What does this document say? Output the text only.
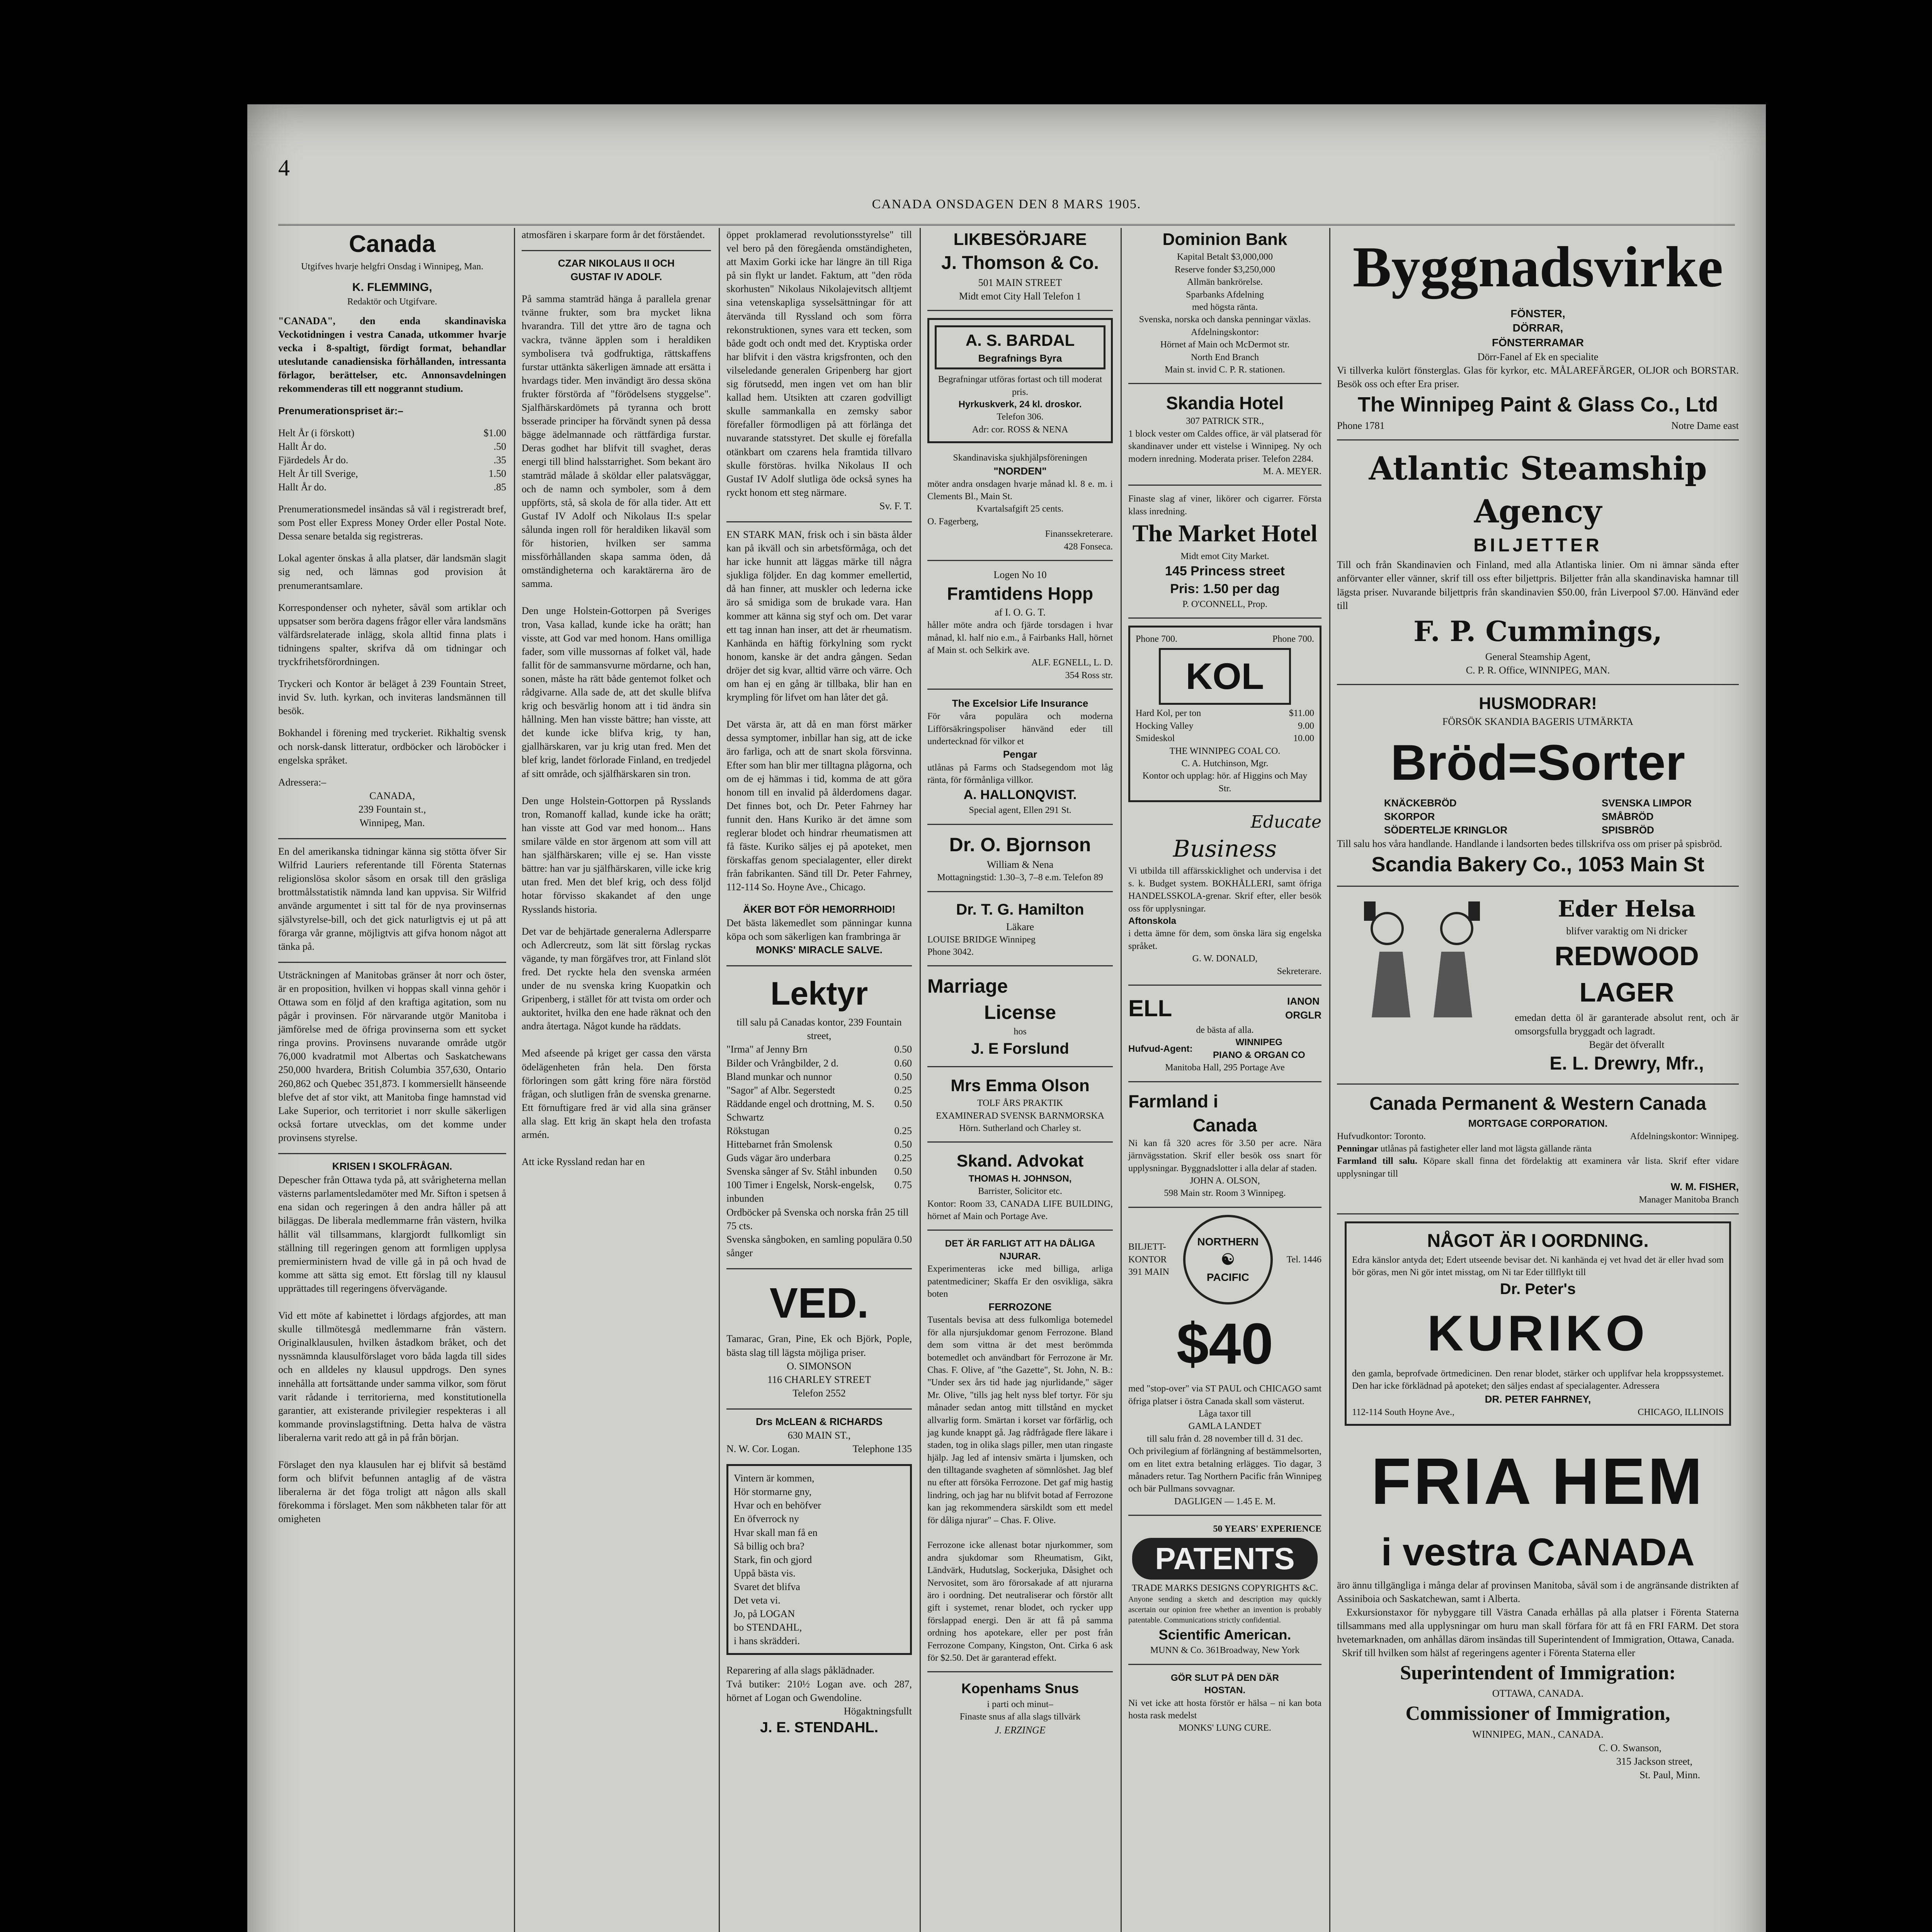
4
CANADA ONSDAGEN DEN 8 MARS 1905.
Canada
Utgifves hvarje helgfri Onsdag i Winnipeg, Man.
K. FLEMMING,
Redaktör och Utgifvare.
"CANADA", den enda skandinaviska Veckotidningen i vestra Canada, utkommer hvarje vecka i 8-spaltigt, fördigt format, behandlar uteslutande canadiensiska förhållanden, intressanta förlagor, berättelser, etc. Annonsavdelningen rekommenderas till ett noggrannt studium.
Prenumerationspriset är:–
Helt År (i förskott)	$1.00
Hallt År do.	.50
Fjärdedels År do.	.35
Helt År till Sverige,	1.50
Hallt År do.	.85
Prenumerationsmedel insändas så väl i registreradt bref, som Post eller Express Money Order eller Postal Note. Dessa senare betalda sig registreras.
Lokal agenter önskas å alla platser, där landsmän slagit sig ned, och lämnas god provision åt prenumerantsamlare.
Korrespondenser och nyheter, såväl som artiklar och uppsatser som beröra dagens frågor eller våra landsmäns välfärdsrelaterade inlägg, skola alltid finna plats i tidningens spalter, skrifva då om tidningar och tryckfrihetsförordningen.
Tryckeri och Kontor är beläget å 239 Fountain Street, invid Sv. luth. kyrkan, och inviteras landsmännen till besök.
Bokhandel i förening med tryckeriet. Rikhaltig svensk och norsk-dansk litteratur, ordböcker och läroböcker i engelska språket.
Adressera:–
CANADA,
239 Fountain st.,
Winnipeg, Man.
En del amerikanska tidningar känna sig stötta öfver Sir Wilfrid Lauriers referentande till Förenta Staternas religionslösa skolor såsom en orsak till den gräsliga brottmålsstatistik nämnda land kan uppvisa. Sir Wilfrid använde argumentet i sitt tal för de nya provinsernas självstyrelse-bill, och det gick naturligtvis ej ut på att förarga vår granne, möjligtvis att gifva honom något att tänka på.
Utsträckningen af Manitobas gränser åt norr och öster, är en proposition, hvilken vi hoppas skall vinna gehör i Ottawa som en följd af den kraftiga agitation, som nu pågår i provinsen. För närvarande utgör Manitoba i jämförelse med de öfriga provinserna som ett sycket ringa provins. Provinsens nuvarande område utgör 76,000 kvadratmil mot Albertas och Saskatchewans 250,000 hvardera, British Columbia 357,630, Ontario 260,862 och Quebec 351,873. I kommersiellt hänseende blefve det af stor vikt, att Manitoba finge hamnstad vid Lake Superior, och territoriet i norr skulle säkerligen också fortare utvecklas, om det komme under provinsens styrelse.
KRISEN I SKOLFRÅGAN.
Depescher från Ottawa tyda på, att svårigheterna mellan västerns parlamentsledamöter med Mr. Sifton i spetsen å ena sidan och regeringen å den andra håller på att biläggas. De liberala medlemmarne från västern, hvilka hållit väl tillsammans, klargjordt fullkomligt sin ställning till regeringen genom att formligen upplysa premierministern hvad de ville gå in på och hvad de komme att sätta sig emot. Ett förslag till ny klausul upprättades till regeringens öfvervägande.

Vid ett möte af kabinettet i lördags afgjordes, att man skulle tillmötesgå medlemmarne från västern. Originalklausulen, hvilken åstadkom bråket, och det nyssnämnda klausulförslaget voro båda lagda till sides och en alldeles ny klausul uppdrogs. Den synes innehålla att fortsättande under samma vilkor, som förut varit rådande i territorierna, med konstitutionella garantier, att existerande privilegier respekteras i all kommande provinslagstiftning. Detta halva de västra liberalerna varit redo att gå in på från början.

Förslaget den nya klausulen har ej blifvit så bestämd form och blifvit befunnen antaglig af de västra liberalerna är det föga troligt att någon alls skall förekomma i förslaget. Men som nåkbheten talar för att omigheten
atmosfären i skarpare form år det förståendet.
CZAR NIKOLAUS II OCH
GUSTAF IV ADOLF.
På samma stamträd hänga å parallela grenar tvänne frukter, som bra mycket likna hvarandra. Till det yttre äro de tagna och vackra, tvänne äpplen som i heraldiken symbolisera två godfruktiga, rättskaffens furstar uttänkta säkerligen ämnade att ersätta i hvardags tider. Men invändigt äro dessa sköna frukter förstörda af "förödelsens styggelse". Sjalfhärskardömets på tyranna och brott bsserade principer ha förvändt synen på dessa bägge ädelmannade och rättfärdiga furstar. Deras godhet har blifvit till svaghet, deras energi till blind halsstarrighet. Som bekant äro stamträd målade å sköldar eller palatsväggar, och de namn och symboler, som å dem uppförts, stå, så skola de för alla tider. Att ett Gustaf IV Adolf och Nikolaus II:s spelar sålunda ingen roll för heraldiken likaväl som för historien, hvilken ser samma missförhållanden skapa samma öden, då omständigheterna och karaktärerna äro de samma.

Den unge Holstein-Gottorpen på Sveriges tron, Vasa kallad, kunde icke ha orätt; han visste, att God var med honom. Hans omilliga fader, som ville mussornas af folket väl, hade fallit för de sammansvurne mördarne, och han, sonen, måste ha rätt både gentemot folket och rådgivarne. Alla sade de, att det skulle blifva krig och besvärlig honom att i tid ändra sin hållning. Men han visste bättre; han visste, att det kunde icke blifva krig, ty han, gjallhärskaren, var ju krig utan fred. Men det blef krig, landet förlorade Finland, en tredjedel af sitt område, och själfhärskaren sin tron.

Den unge Holstein-Gottorpen på Rysslands tron, Romanoff kallad, kunde icke ha orätt; han visste att God var med honom... Hans smilare välde en stor ärgenom att som vill att han själfhärskaren; ville ej se. Han visste bättre: han var ju själfhärskaren, ville icke krig utan fred. Men det blef krig, och dess följd hotar förvisso skakandet af den unge Rysslands historia.
Det var de behjärtade generalerna Adlersparre och Adlercreutz, som lät sitt förslag ryckas vägande, ty man förgäfves tror, att Finland slöt fred. Det ryckte hela den svenska arméen under de nu svenska kring Kuopatkin och Gripenberg, i stället för att tvista om order och auktoritet, hvilka den ene hade räknat och den andra återtaga. Något kunde ha räddats.

Med afseende på kriget ger cassa den värsta ödelägenheten från hela. Den första förloringen som gått kring före nära förstöd frågan, och slutligen från de svenska grenarne. Ett förnuftigare fred är vid alla sina gränser alla slag. Ett krig än skapt hela den trofasta armén.

Att icke Ryssland redan har en
öppet proklamerad revolutionsstyrelse" till vel bero på den föregåenda omständigheten, att Maxim Gorki icke har längre än till Riga på sin flykt ur landet. Faktum, att "den röda skorhusten" Nikolaus Nikolajevitsch alltjemt sina vetenskapliga sysselsättningar för att återvända till Ryssland och som förra rekonstruktionen, synes vara ett tecken, som både godt och ondt med det. Kryptiska order har blifvit i den västra krigsfronten, och den vilseledande generalen Gripenberg har gjort sig förutsedd, men ingen vet om han blir kallad hem. Utsikten att czaren godvilligt skulle sammankalla en zemsky sabor förefaller förmodligen på att förlänga det nuvarande statsstyret. Det skulle ej förefalla otänkbart om czarens hela framtida tillvaro skulle förstöras. hvilka Nikolaus II och Gustaf IV Adolf slutliga öde också synes ha ryckt honom ett steg närmare.
Sv. F. T.
EN STARK MAN, frisk och i sin bästa ålder kan på ikväll och sin arbetsförmåga, och det har icke hunnit att läggas märke till några sjukliga följder. En dag kommer emellertid, då han finner, att muskler och lederna icke äro så smidiga som de brukade vara. Han kommer att känna sig styf och om. Det varar ett tag innan han inser, att det är rheumatism. Kanhända en häftig förkylning som ryckt honom, kanske är det andra gången. Sedan dröjer det sig kvar, alltid värre och värre. Och om han ej en gång är tillbaka, blir han en krympling för lifvet om han låter det gå.

Det värsta är, att då en man först märker dessa symptomer, inbillar han sig, att de icke äro farliga, och att de snart skola försvinna. Efter som han blir mer tilltagna plågorna, och om de ej hämmas i tid, komma de att göra honom till en invalid på ålderdomens dagar. Det finnes bot, och Dr. Peter Fahrney har funnit den. Hans Kuriko är det ämne som reglerar blodet och hindrar rheumatismen att få fäste. Kuriko säljes ej på apoteket, men förskaffas genom specialagenter, eller direkt från fabrikanten. Sänd till Dr. Peter Fahrney, 112-114 So. Hoyne Ave., Chicago.
ÄKER BOT FÖR HEMORRHOID!
Det bästa läkemedlet som pänningar kunna köpa och som säkerligen kan frambringa är
MONKS' MIRACLE SALVE.
Lektyr
till salu på Canadas kontor, 239 Fountain street,
"Irma" af Jenny Brn	0.50
Bilder och Vrångbilder, 2 d.	0.60
Bland munkar och nunnor	0.50
"Sagor" af Albr. Segerstedt	0.25
Räddande engel och drottning, M. S. Schwartz
0.50
Rökstugan	0.25
Hittebarnet från Smolensk	0.50
Guds vägar äro underbara	0.25
Svenska sånger af Sv. Ståhl inbunden 0.50
100 Timer i Engelsk, Norsk-engelsk, inbunden
0.75
Ordböcker på Svenska och norska från 25 till 75 cts.
Svenska sångboken, en samling populära sånger
0.50
VED.
Tamarac, Gran, Pine, Ek och Björk, Pople, bästa slag till lägsta möjliga priser.
O. SIMONSON
116 CHARLEY STREET
Telefon 2552
Drs McLEAN & RICHARDS
630 MAIN ST.,
N. W. Cor. Logan.	Telephone 135
Vintern är kommen,
Hör stormarne gny,
Hvar och en behöfver
En öfverrock ny
Hvar skall man få en
Så billig och bra?
Stark, fin och gjord
Uppå bästa vis.
Svaret det blifva
Det veta vi.
Jo, på LOGAN
bo STENDAHL,
i hans skrädderi.
Reparering af alla slags påklädnader.
Två butiker: 210½ Logan ave. och 287, hörnet af Logan och Gwendoline.
Högaktningsfullt
J. E. STENDAHL.
LIKBESÖRJARE
J. Thomson & Co.
501 MAIN STREET
Midt emot City Hall Telefon 1
A. S. BARDAL
Begrafnings Byra
Begrafningar utföras fortast och till moderat pris.
Hyrkuskverk, 24 kl. droskor.
Telefon 306.
Adr: cor. ROSS & NENA
Skandinaviska sjukhjälpsföreningen
"NORDEN"
möter andra onsdagen hvarje månad kl. 8 e. m. i Clements Bl., Main St.
Kvartalsafgift 25 cents.
O. Fagerberg,
Finanssekreterare.
428 Fonseca.
Logen No 10
Framtidens Hopp
af I. O. G. T.
håller möte andra och fjärde torsdagen i hvar månad, kl. half nio e.m., å Fairbanks Hall, hörnet af Main st. och Selkirk ave.
ALF. EGNELL, L. D.
354 Ross str.
The Excelsior Life Insurance
För våra populära och moderna Lifförsäkringspoliser hänvänd eder till undertecknad för vilkor et
Pengar
utlånas på Farms och Stadsegendom mot låg ränta, för förmånliga villkor.
A. HALLONQVIST.
Special agent, Ellen 291 St.
Dr. O. Bjornson
William & Nena
Mottagningstid: 1.30–3, 7–8 e.m. Telefon 89
Dr. T. G. Hamilton
Läkare
LOUISE BRIDGE Winnipeg
Phone 3042.
Marriage
License
hos
J. E Forslund
Mrs Emma Olson
TOLF ÅRS PRAKTIK
EXAMINERAD SVENSK BARNMORSKA
Hörn. Sutherland och Charley st.
Skand. Advokat
THOMAS H. JOHNSON,
Barrister, Solicitor etc.
Kontor: Room 33, CANADA LIFE BUILDING, hörnet af Main och Portage Ave.
DET ÄR FARLIGT ATT HA DÅLIGA NJURAR.
Experimenteras icke med billiga, arliga patentmediciner; Skaffa Er den osvikliga, säkra boten
FERROZONE
Tusentals bevisa att dess fulkomliga botemedel för alla njursjukdomar genom Ferrozone. Bland dem som vittna är det mest berömmda botemedlet och användbart för Ferrozone är Mr. Chas. F. Olive, af "the Gazette", St. John, N. B.: "Under sex års tid hade jag njurlidande," säger Mr. Olive, "tills jag helt nyss blef tortyr. För sju månader sedan antog mitt tillstånd en mycket allvarlig form. Smärtan i korset var förfärlig, och jag kunde knappt gå. Jag rådfrågade flere läkare i staden, tog in olika slags piller, men utan ringaste hjälp. Jag led af intensiv smärta i ljumsken, och den tilltagande svagheten af sömnlöshet. Jag blef nu efter att försöka Ferrozone. Det gaf mig hastig lindring, och jag har nu blifvit botad af Ferrozone kan jag rekommendera särskildt som ett medel för dåliga njurar" – Chas. F. Olive.

Ferrozone icke allenast botar njurkommer, som andra sjukdomar som Rheumatism, Gikt, Ländvärk, Hudutslag, Sockerjuka, Dåsighet och Nervositet, som äro förorsakade af att njurarna äro i oordning. Det neutraliserar och förstör allt gift i systemet, renar blodet, och rycker upp förslappad energi. Den är att få på samma ordning hos apotekare, eller per post från Ferrozone Company, Kingston, Ont. Cirka 6 ask för $2.50. Det är garanterad effekt.
Kopenhams Snus
i parti och minut–
Finaste snus af alla slags tillvärk
J. ERZINGE
Dominion Bank
Kapital Betalt $3,000,000
Reserve fonder $3,250,000
Allmän bankrörelse.
Sparbanks Afdelning
med högsta ränta.
Svenska, norska och danska penningar växlas.
Afdelningskontor:
Hörnet af Main och McDermot str.
North End Branch
Main st. invid C. P. R. stationen.
Skandia Hotel
307 PATRICK STR.,
1 block vester om Caldes office, är väl platserad för skandinaver under ett vistelse i Winnipeg. Ny och modern inredning. Moderata priser. Telefon 2284.
M. A. MEYER.
Finaste slag af viner, likörer och cigarrer. Första klass inredning.
The Market Hotel
Midt emot City Market.
145 Princess street
Pris: 1.50 per dag
P. O'CONNELL, Prop.
Phone 700.	Phone 700.
KOL
Hard Kol, per ton	$11.00
Hocking Valley	9.00
Smideskol	10.00
THE WINNIPEG COAL CO.
C. A. Hutchinson, Mgr.
Kontor och upplag: hör. af Higgins och May Str.
Educate
Business
Vi utbilda till affärsskicklighet och undervisa i det s. k. Budget system. BOKHÅLLERI, samt öfriga HANDELSSKOLA-grenar. Skrif efter, eller besök oss för upplysningar.
Aftonskola
i detta ämne för dem, som önska lära sig engelska språket.
G. W. DONALD,
Sekreterare.
ELL	IANON
ORGLR
de bästa af alla.
Hufvud-Agent:
WINNIPEG
PIANO & ORGAN CO
Manitoba Hall, 295 Portage Ave
Farmland i
Canada
Ni kan få 320 acres för 3.50 per acre. Nära järnvägsstation. Skrif eller besök oss snart för upplysningar. Byggnadslotter i alla delar af staden.
JOHN A. OLSON,
598 Main str. Room 3 Winnipeg.
BILJETT-
KONTOR
391 MAIN
NORTHERN
☯
PACIFIC
Tel. 1446
$40
med "stop-over" via ST PAUL och CHICAGO samt öfriga platser i östra Canada skall som västerut.
Låga taxor till
GAMLA LANDET
till salu från d. 28 november till d. 31 dec.
Och privilegium af förlängning af bestämmelsorten, om en litet extra betalning erlägges. Tio dagar, 3 månaders retur. Tag Northern Pacific från Winnipeg och bär Pullmans sovvagnar.
DAGLIGEN — 1.45 E. M.
50 YEARS' EXPERIENCE
PATENTS
TRADE MARKS DESIGNS COPYRIGHTS &C.
Anyone sending a sketch and description may quickly ascertain our opinion free whether an invention is probably patentable. Communications strictly confidential.
Scientific American.
MUNN & Co. 361Broadway, New York
GÖR SLUT PÅ DEN DÄR
HOSTAN.
Ni vet icke att hosta förstör er hälsa – ni kan bota hosta rask medelst
MONKS' LUNG CURE.
Byggnadsvirke
FÖNSTER,
DÖRRAR,
FÖNSTERRAMAR
Dörr-Fanel af Ek en specialite
Vi tillverka kulört fönsterglas. Glas för kyrkor, etc. MÅLAREFÄRGER, OLJOR och BORSTAR. Besök oss och efter Era priser.
The Winnipeg Paint & Glass Co., Ltd
Phone 1781	Notre Dame east
Atlantic Steamship
Agency
BILJETTER
Till och från Skandinavien och Finland, med alla Atlantiska linier. Om ni ämnar sända efter anförvanter eller vänner, skrif till oss efter biljettpris. Biljetter från alla skandinaviska hamnar till lägsta priser. Nuvarande biljettpris från skandinavien $50.00, från Liverpool $7.00. Hänvänd eder till
F. P. Cummings,
General Steamship Agent,
C. P. R. Office, WINNIPEG, MAN.
HUSMODRAR!
FÖRSÖK SKANDIA BAGERIS UTMÄRKTA
Bröd=Sorter
KNÄCKEBRÖD
SKORPOR
SÖDERTELJE KRINGLOR
SVENSKA LIMPOR
SMÅBRÖD
SPISBRÖD
Till salu hos våra handlande. Handlande i landsorten bedes tillskrifva oss om priser på spisbröd.
Scandia Bakery Co., 1053 Main St
Eder Helsa
blifver varaktig om Ni dricker
REDWOOD
LAGER
emedan detta öl är garanterade absolut rent, och är omsorgsfulla bryggadt och lagradt.
Begär det öfverallt
E. L. Drewry, Mfr.,
Canada Permanent & Western Canada
MORTGAGE CORPORATION.
Hufvudkontor: Toronto.	Afdelningskontor: Winnipeg.
Penningar utlånas på fastigheter eller land mot lägsta gällande ränta
Farmland till salu. Köpare skall finna det fördelaktig att examinera vår lista. Skrif efter vidare upplysningar till
W. M. FISHER,
Manager Manitoba Branch
NÅGOT ÄR I OORDNING.
Edra känslor antyda det; Edert utseende bevisar det. Ni kanhända ej vet hvad det är eller hvad som bör göras, men Ni gör intet misstag, om Ni tar Eder tillflykt till
Dr. Peter's
KURIKO
den gamla, beprofvade örtmedicinen. Den renar blodet, stärker och upplifvar hela kroppssystemet. Den har icke förklädnad på apoteket; den säljes endast af specialagenter. Adressera
DR. PETER FAHRNEY,
112-114 South Hoyne Ave.,	CHICAGO, ILLINOIS
FRIA HEM
i vestra CANADA
äro ännu tillgängliga i många delar af provinsen Manitoba, såväl som i de angränsande distrikten af Assiniboia och Saskatchewan, samt i Alberta.
Exkursionstaxor för nybyggare till Västra Canada erhållas på alla platser i Förenta Staterna tillsammans med alla upplysningar om huru man skall förfara för att få en FRI FARM. Det stora hvetemarknaden, om anhållas därom insändas till Superintendent of Immigration, Ottawa, Canada.
Skrif till hvilken som hälst af regeringens agenter i Förenta Staterna eller
Superintendent of Immigration:
OTTAWA, CANADA.
Commissioner of Immigration,
WINNIPEG, MAN., CANADA.
C. O. Swanson,
315 Jackson street,
St. Paul, Minn.
